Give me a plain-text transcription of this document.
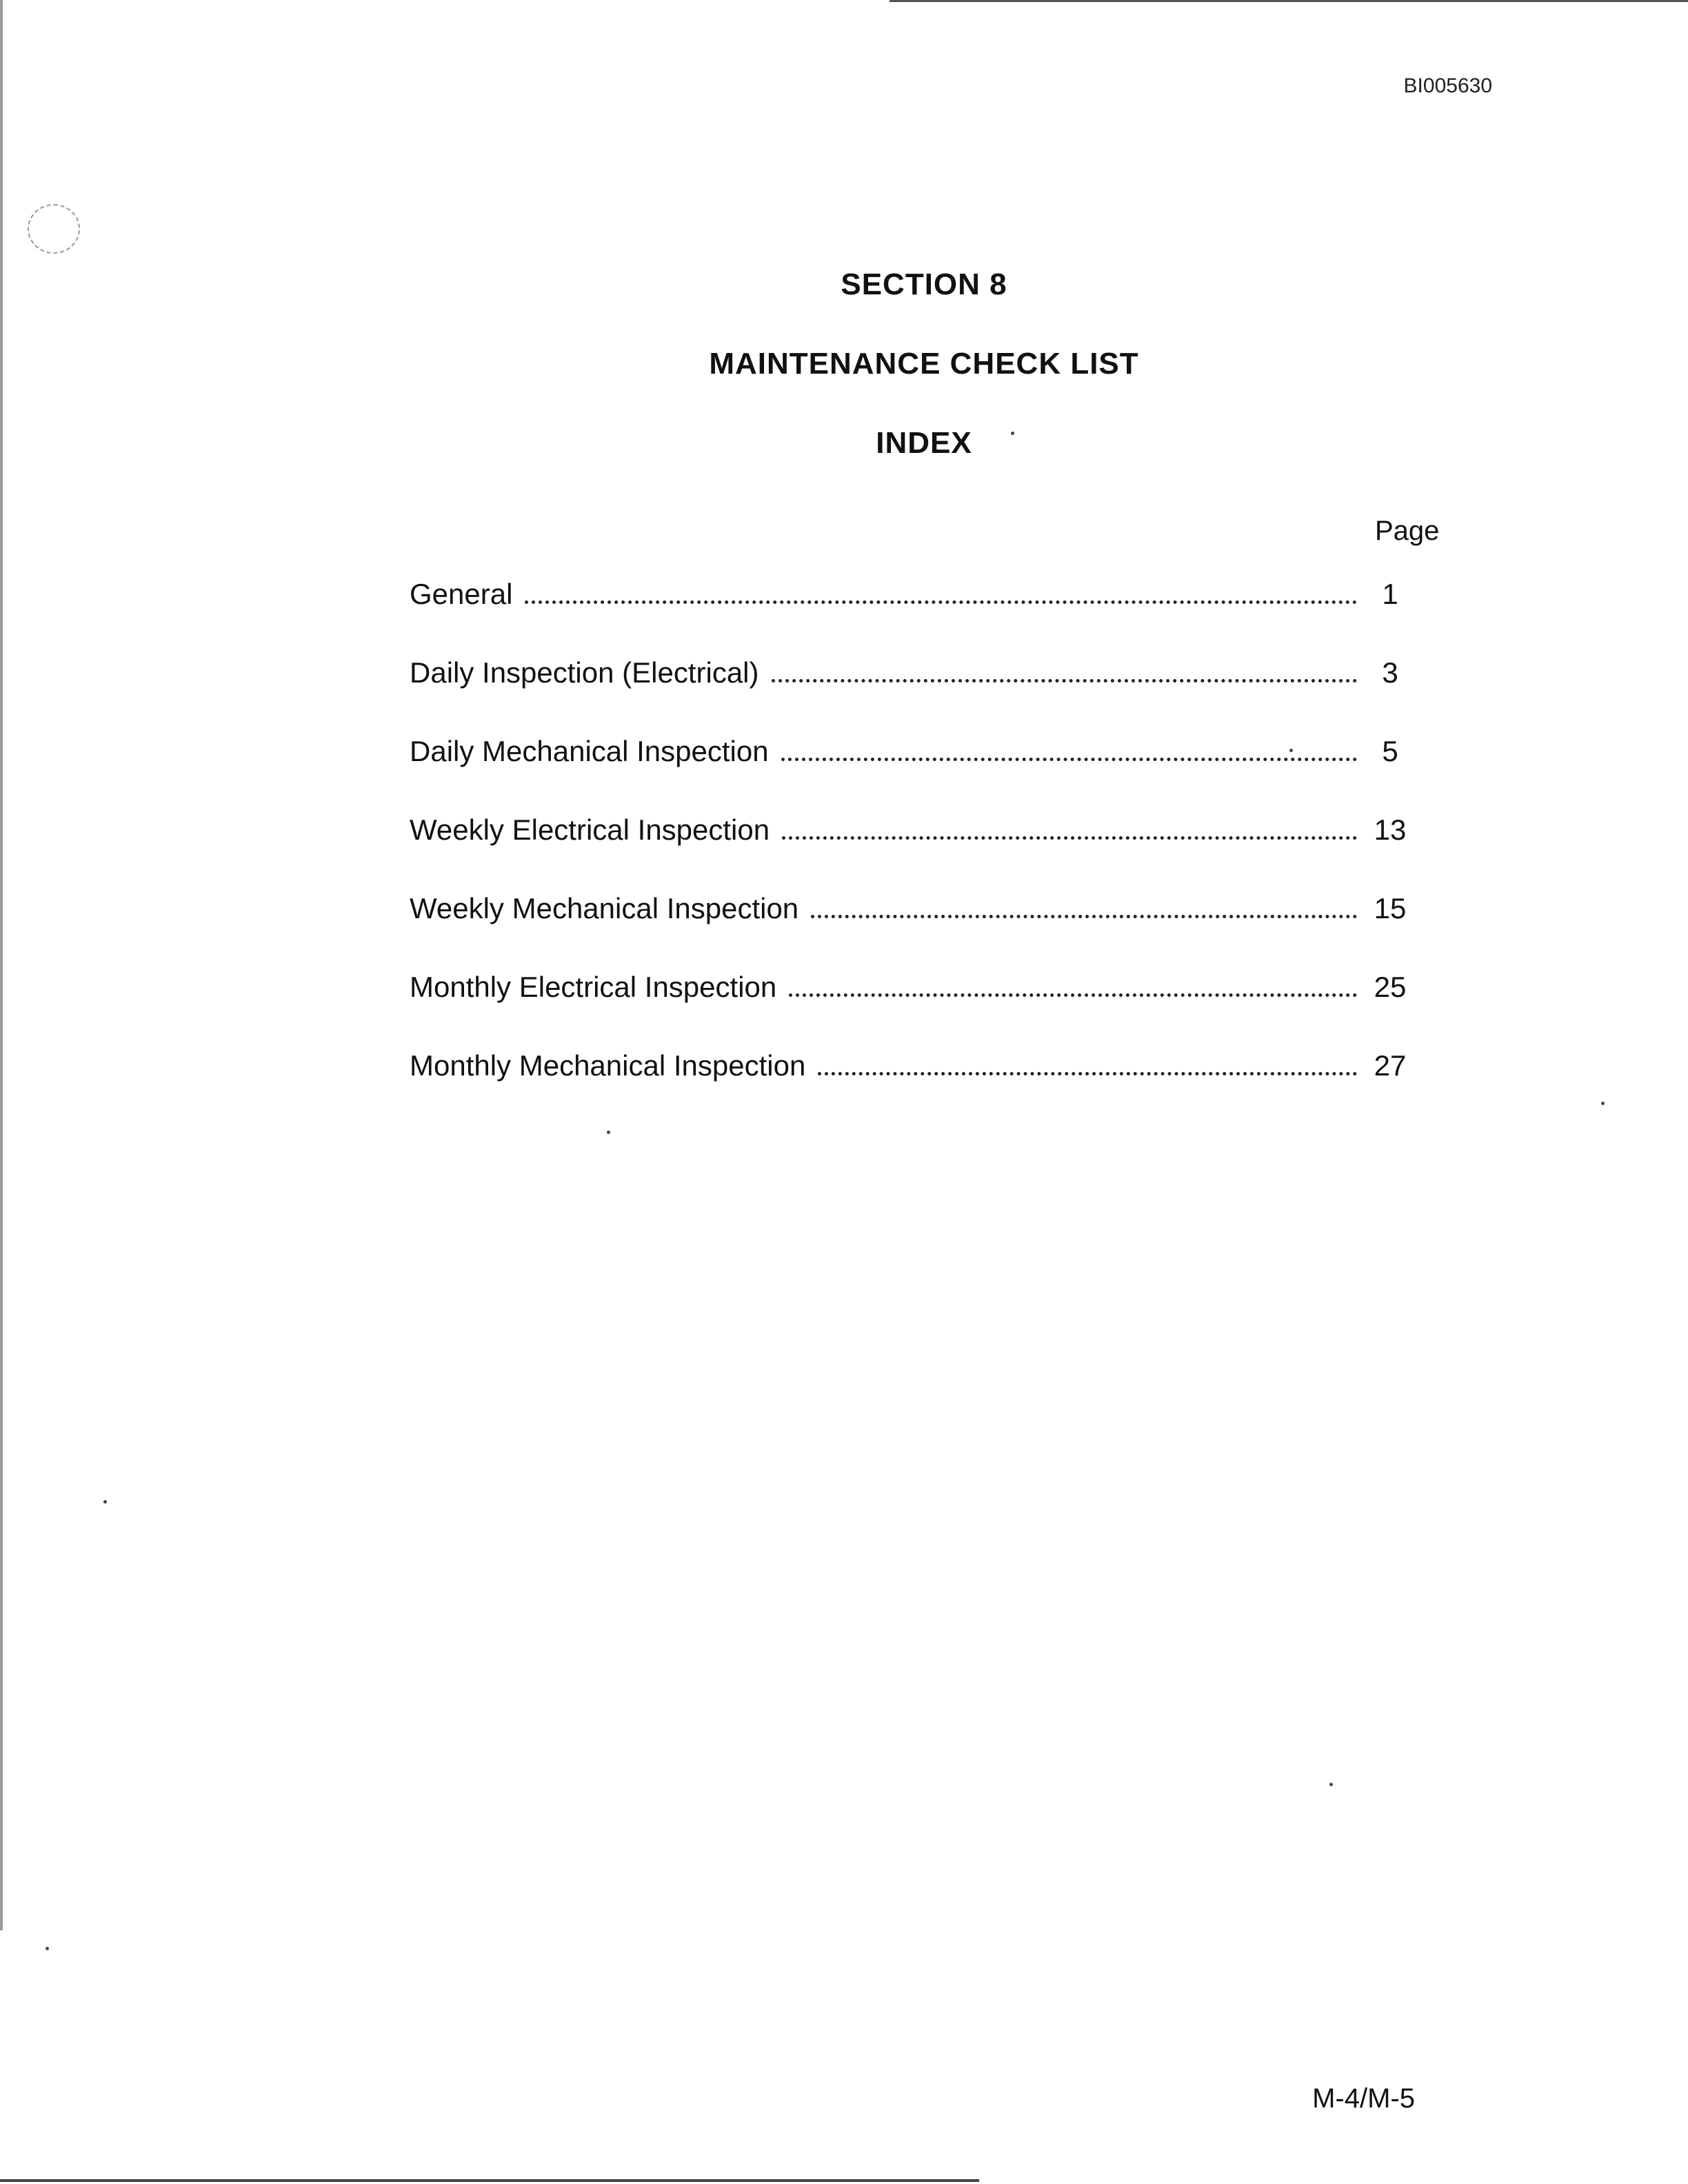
BI005630
SECTION 8
MAINTENANCE CHECK LIST
INDEX
Page
General	1
Daily Inspection (Electrical)	3
Daily Mechanical Inspection	5
Weekly Electrical Inspection	13
Weekly Mechanical Inspection	15
Monthly Electrical Inspection	25
Monthly Mechanical Inspection	27
M-4/M-5
